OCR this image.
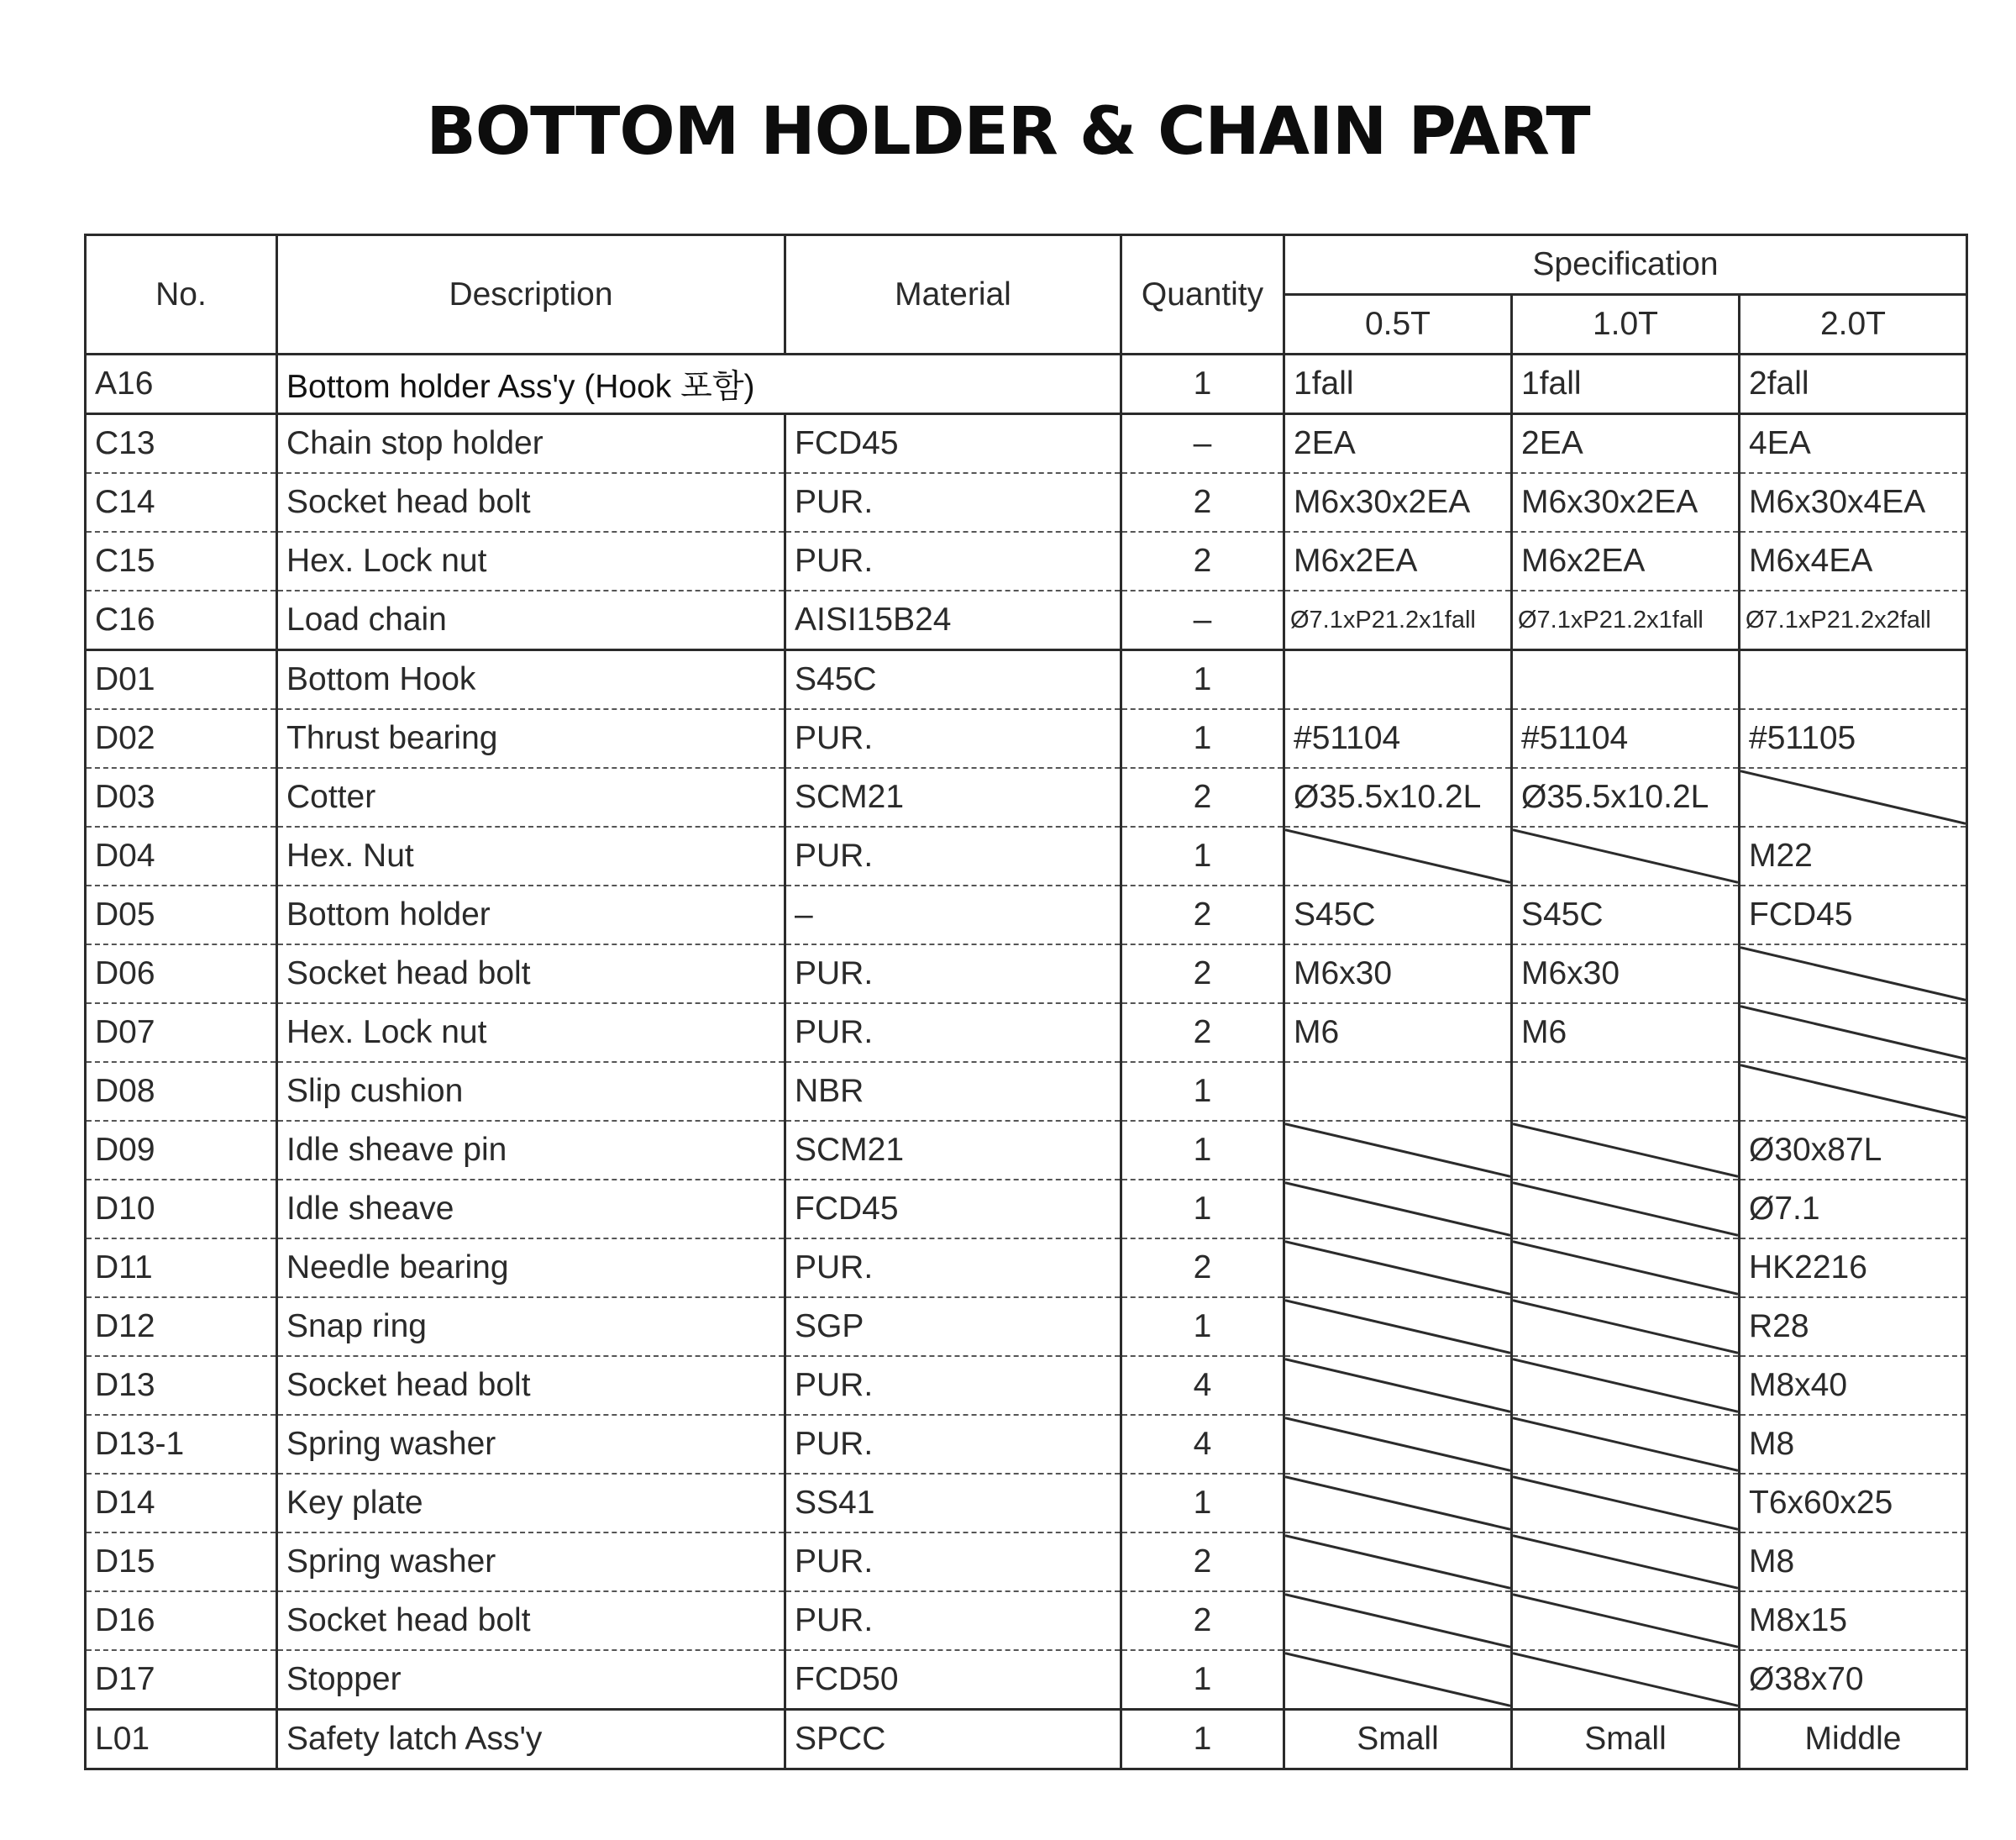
BOTTOM HOLDER & CHAIN PART
No.	Description	Material	Quantity	Specification		
				0.5T	1.0T	2.0T
A16	Bottom holder Ass'y (Hook 포함)		1	1fall	1fall	2fall
C13	Chain stop holder	FCD45	–	2EA	2EA	4EA
C14	Socket head bolt	PUR.	2	M6x30x2EA	M6x30x2EA	M6x30x4EA
C15	Hex. Lock nut	PUR.	2	M6x2EA	M6x2EA	M6x4EA
C16	Load chain	AISI15B24	–	Ø7.1xP21.2x1fall	Ø7.1xP21.2x1fall	Ø7.1xP21.2x2fall
D01	Bottom Hook	S45C	1			
D02	Thrust bearing	PUR.	1	#51104	#51104	#51105
D03	Cotter	SCM21	2	Ø35.5x10.2L	Ø35.5x10.2L	

D04	Hex. Nut	PUR.	1			M22
D05	Bottom holder	–	2	S45C	S45C	FCD45
D06	Socket head bolt	PUR.	2	M6x30	M6x30	

D07	Hex. Lock nut	PUR.	2	M6	M6	

D08	Slip cushion	NBR	1			

D09	Idle sheave pin	SCM21	1			Ø30x87L
D10	Idle sheave	FCD45	1			Ø7.1
D11	Needle bearing	PUR.	2			HK2216
D12	Snap ring	SGP	1			R28
D13	Socket head bolt	PUR.	4			M8x40
D13-1	Spring washer	PUR.	4			M8
D14	Key plate	SS41	1			T6x60x25
D15	Spring washer	PUR.	2			M8
D16	Socket head bolt	PUR.	2			M8x15
D17	Stopper	FCD50	1			Ø38x70
L01	Safety latch Ass'y	SPCC	1	Small	Small	Middle
